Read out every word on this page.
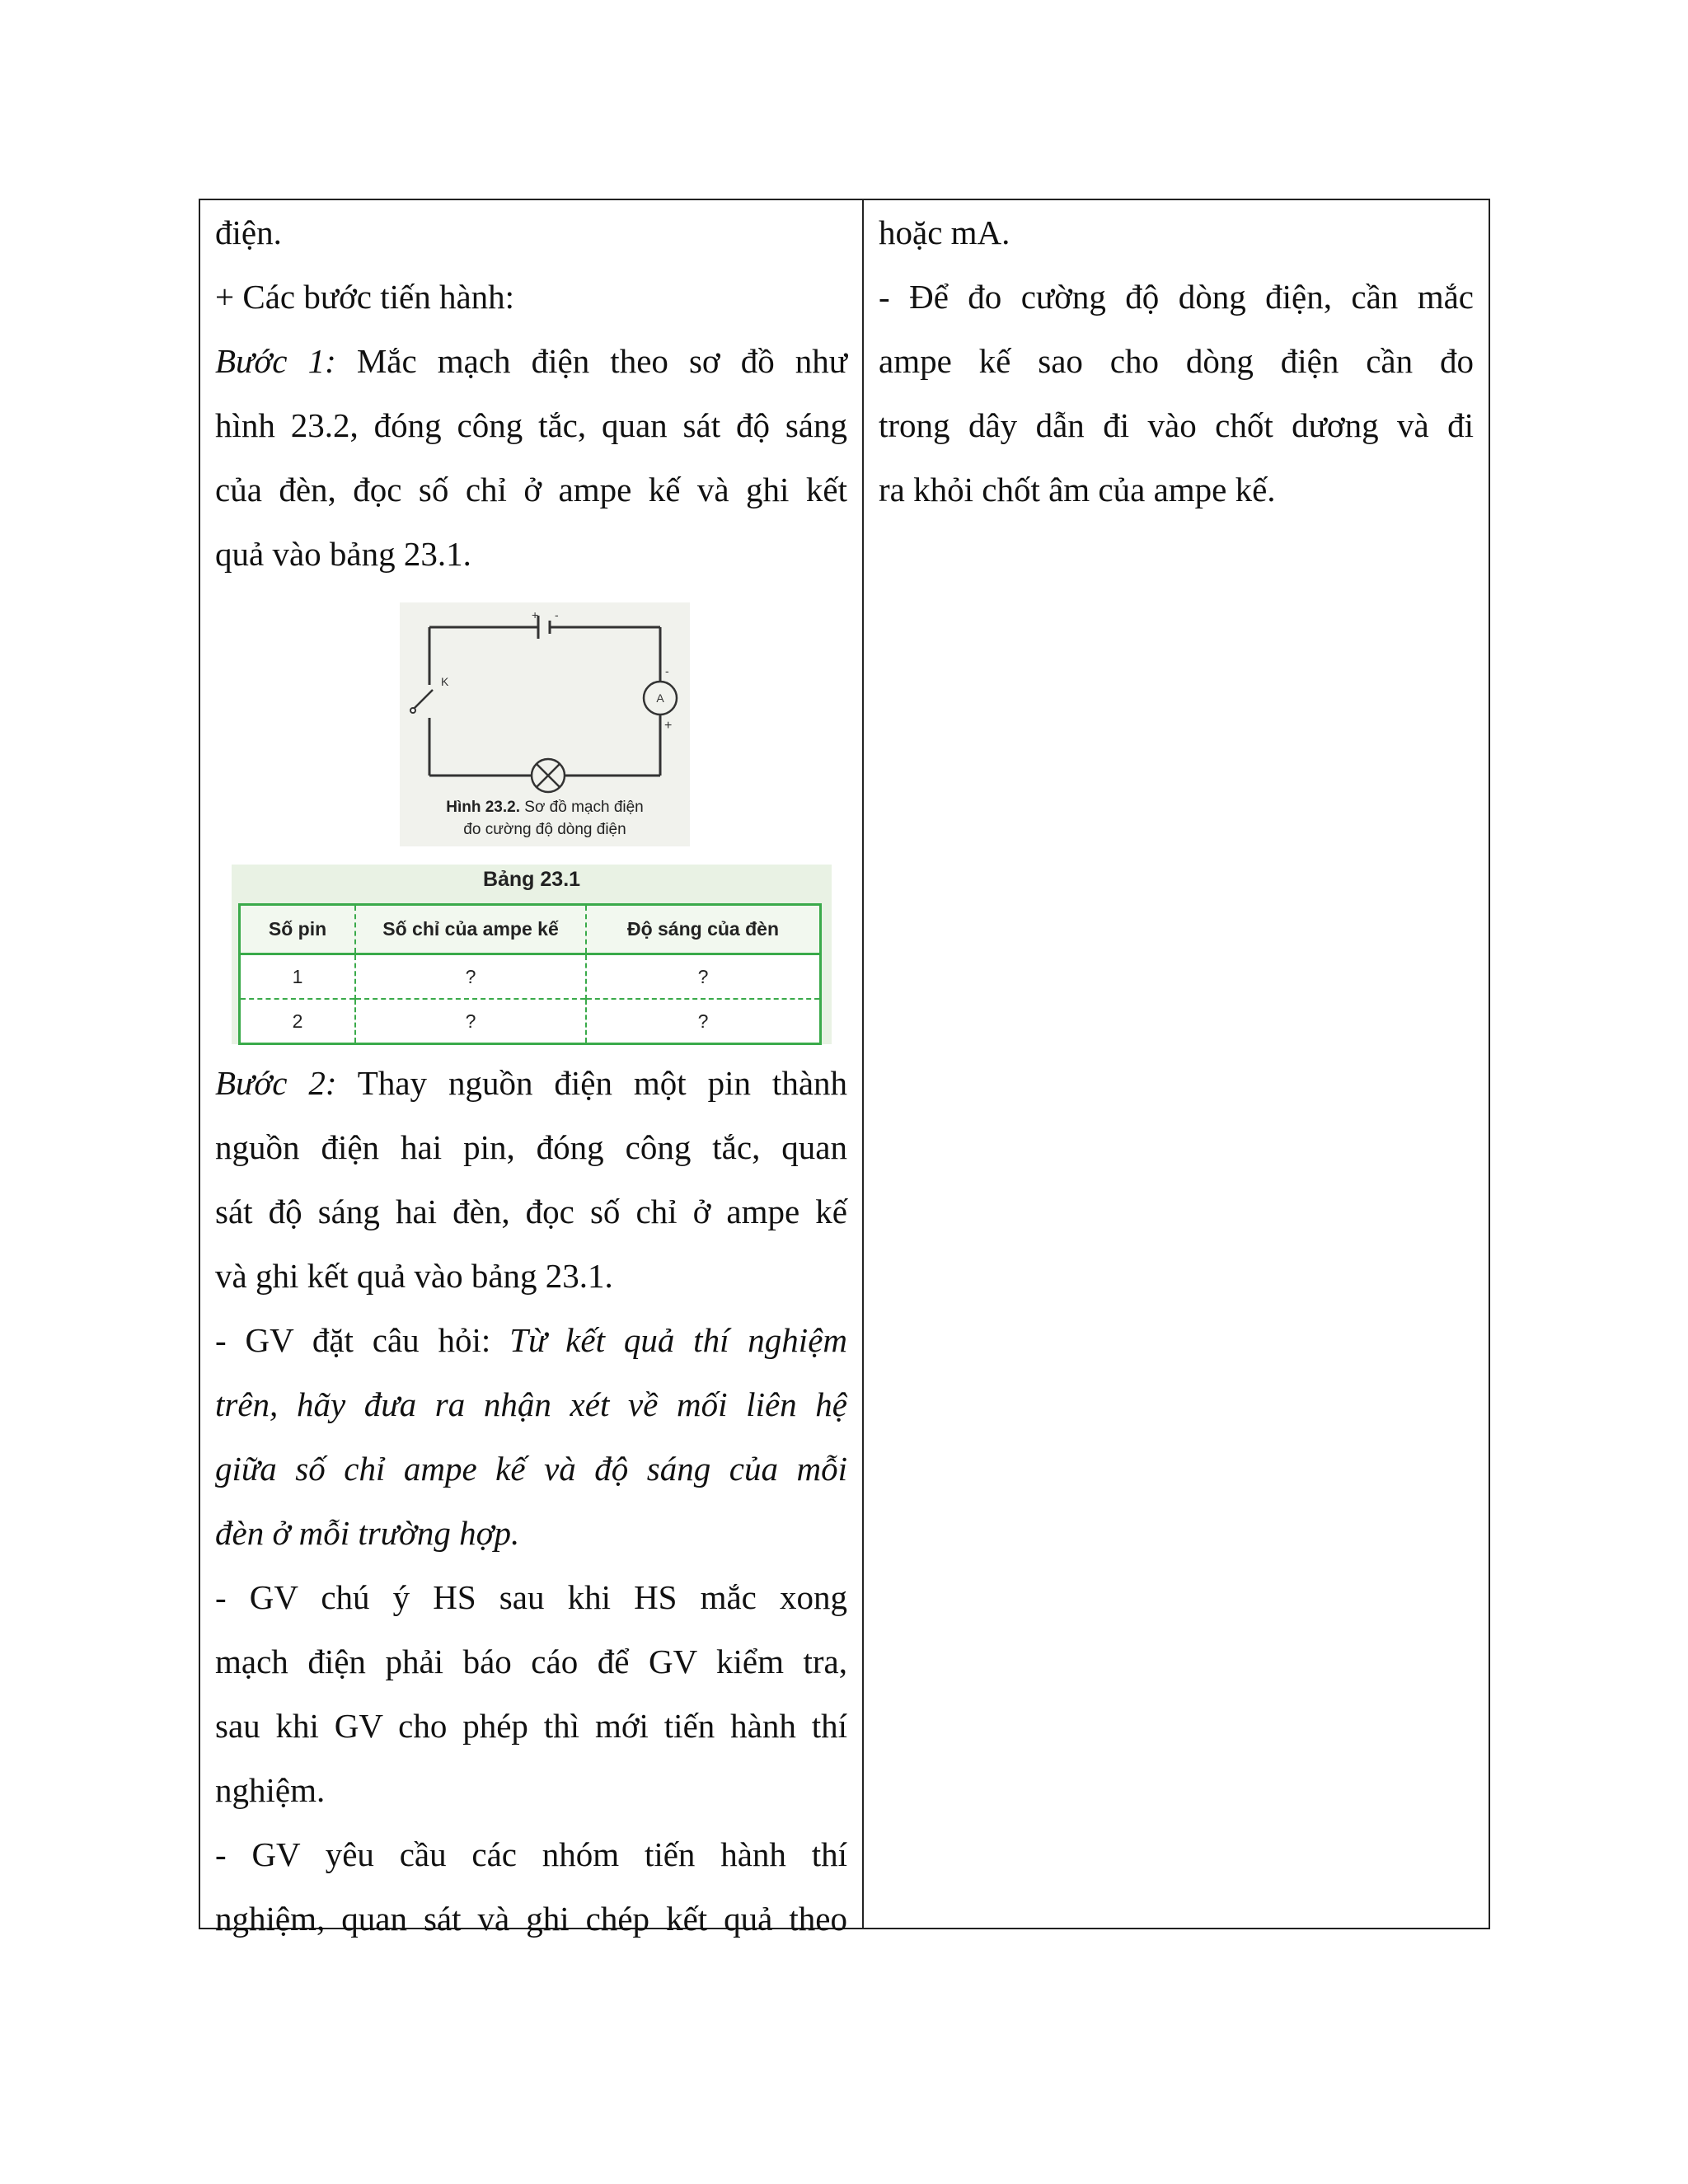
điện.

+ Các bước tiến hành:

Bước 1: Mắc mạch điện theo sơ đồ như

hình 23.2, đóng công tắc, quan sát độ sáng

của đèn, đọc số chỉ ở ampe kế và ghi kết

quả vào bảng 23.1.

+ -
K
A
-
+
Hình 23.2. Sơ đồ mạch điện
đo cường độ dòng điện
Bảng 23.1
Số pin	Số chỉ của ampe kế	Độ sáng của đèn
1	?	?
2	?	?

Bước 2: Thay nguồn điện một pin thành

nguồn điện hai pin, đóng công tắc, quan

sát độ sáng hai đèn, đọc số chỉ ở ampe kế

và ghi kết quả vào bảng 23.1.

- GV đặt câu hỏi: Từ kết quả thí nghiệm

trên, hãy đưa ra nhận xét về mối liên hệ

giữa số chỉ ampe kế và độ sáng của mỗi

đèn ở mỗi trường hợp.

- GV chú ý HS sau khi HS mắc xong

mạch điện phải báo cáo để GV kiểm tra,

sau khi GV cho phép thì mới tiến hành thí

nghiệm.

- GV yêu cầu các nhóm tiến hành thí

nghiệm, quan sát và ghi chép kết quả theo

hoặc mA.

- Để đo cường độ dòng điện, cần mắc

ampe kế sao cho dòng điện cần đo

trong dây dẫn đi vào chốt dương và đi

ra khỏi chốt âm của ampe kế.
